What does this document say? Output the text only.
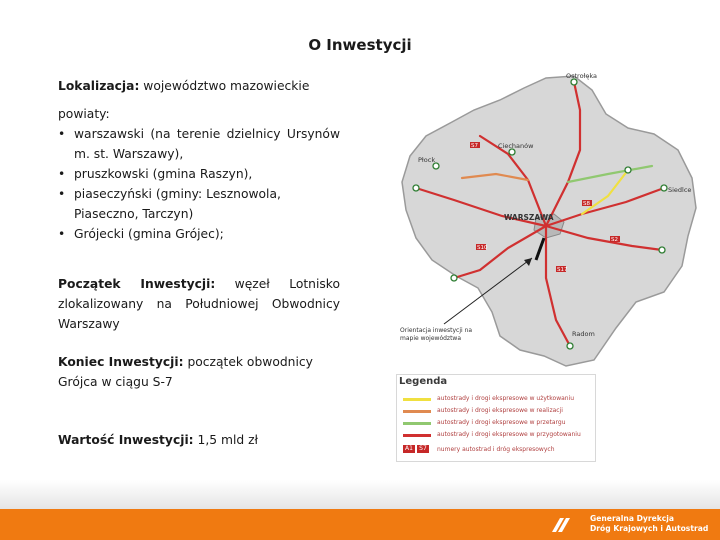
O Inwestycji

Lokalizacja: województwo mazowieckie

powiaty:

• warszawski (na terenie dzielnicy Ursynów m. st. Warszawy),
• pruszkowski (gmina Raszyn),
• piaseczyński (gminy: Lesznowola, Piaseczno, Tarczyn)
• Grójecki (gmina Grójec);

Początek Inwestycji: węzeł Lotnisko zlokalizowany na Południowej Obwodnicy Warszawy

Koniec Inwestycji: początek obwodnicy Grójca w ciągu S-7

Wartość Inwestycji: 1,5 mld zł

Ostrołęka
Ciechanów
Płock
WARSZAWA
Siedlce
Radom
S7
S8
S17
S2
S10
Orientacja inwestycji na
mapie województwa
Legenda
autostrady i drogi ekspresowe w użytkowaniu
autostrady i drogi ekspresowe w realizacji
autostrady i drogi ekspresowe w przetargu
autostrady i drogi ekspresowe w przygotowaniu
A1	S7	numery autostrad i dróg ekspresowych
Generalna Dyrekcja
Dróg Krajowych i Autostrad
